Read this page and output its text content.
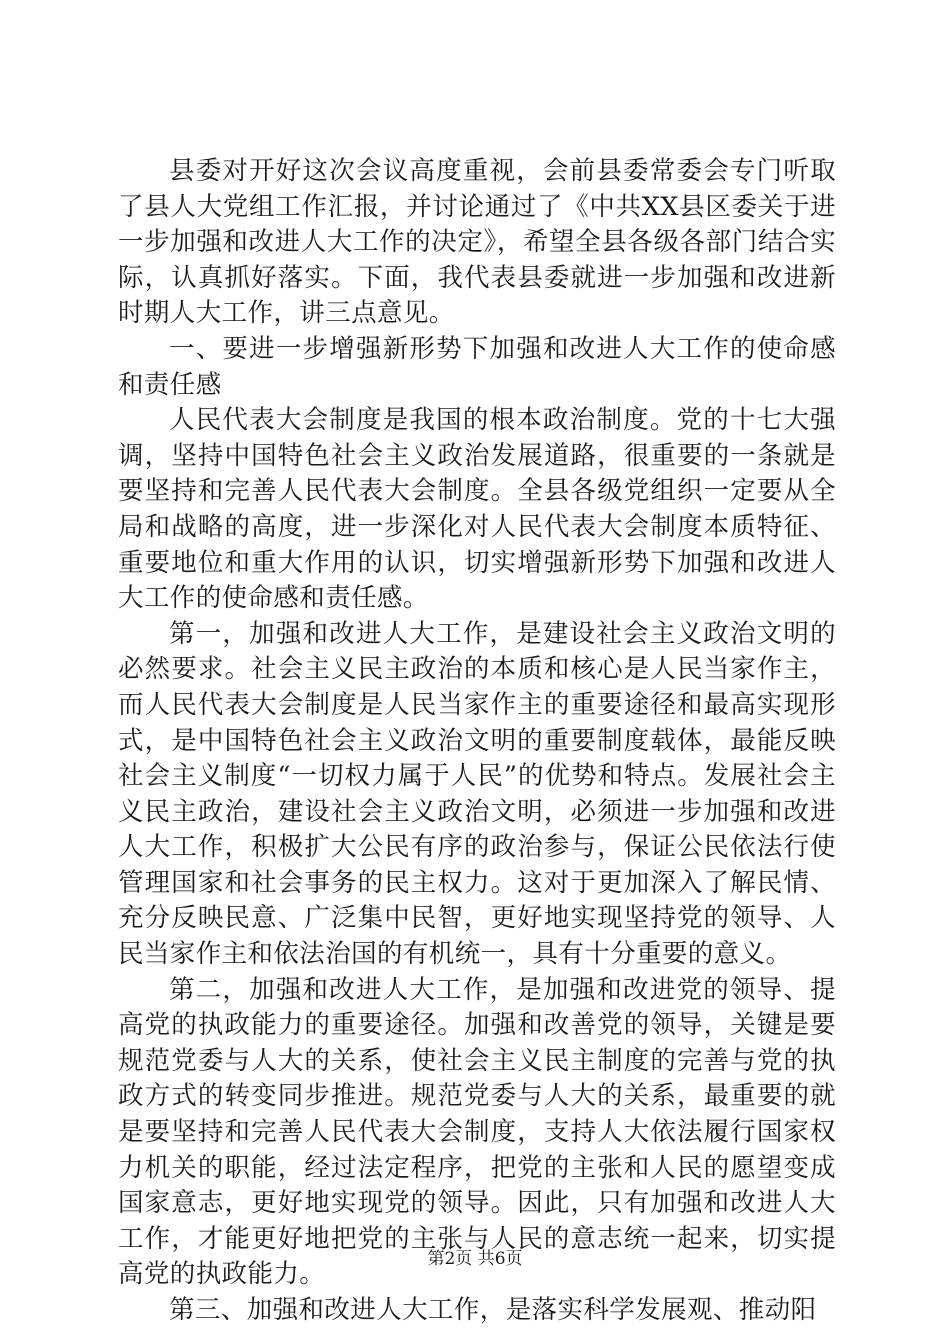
县委对开好这次会议高度重视，会前县委常委会专门听取了县人大党组工作汇报，并讨论通过了《中共XX县区委关于进一步加强和改进人大工作的决定》，希望全县各级各部门结合实际，认真抓好落实。下面，我代表县委就进一步加强和改进新时期人大工作，讲三点意见。

一、要进一步增强新形势下加强和改进人大工作的使命感和责任感

人民代表大会制度是我国的根本政治制度。党的十七大强调，坚持中国特色社会主义政治发展道路，很重要的一条就是要坚持和完善人民代表大会制度。全县各级党组织一定要从全局和战略的高度，进一步深化对人民代表大会制度本质特征、重要地位和重大作用的认识，切实增强新形势下加强和改进人大工作的使命感和责任感。

第一，加强和改进人大工作，是建设社会主义政治文明的必然要求。社会主义民主政治的本质和核心是人民当家作主，而人民代表大会制度是人民当家作主的重要途径和最高实现形式，是中国特色社会主义政治文明的重要制度载体，最能反映社会主义制度“一切权力属于人民”的优势和特点。发展社会主义民主政治，建设社会主义政治文明，必须进一步加强和改进人大工作，积极扩大公民有序的政治参与，保证公民依法行使管理国家和社会事务的民主权力。这对于更加深入了解民情、充分反映民意、广泛集中民智，更好地实现坚持党的领导、人民当家作主和依法治国的有机统一，具有十分重要的意义。

第二，加强和改进人大工作，是加强和改进党的领导、提高党的执政能力的重要途径。加强和改善党的领导，关键是要规范党委与人大的关系，使社会主义民主制度的完善与党的执政方式的转变同步推进。规范党委与人大的关系，最重要的就是要坚持和完善人民代表大会制度，支持人大依法履行国家权力机关的职能，经过法定程序，把党的主张和人民的愿望变成国家意志，更好地实现党的领导。因此，只有加强和改进人大工作，才能更好地把党的主张与人民的意志统一起来，切实提高党的执政能力。

第三、加强和改进人大工作，是落实科学发展观、推动阳

第2页 共6页
